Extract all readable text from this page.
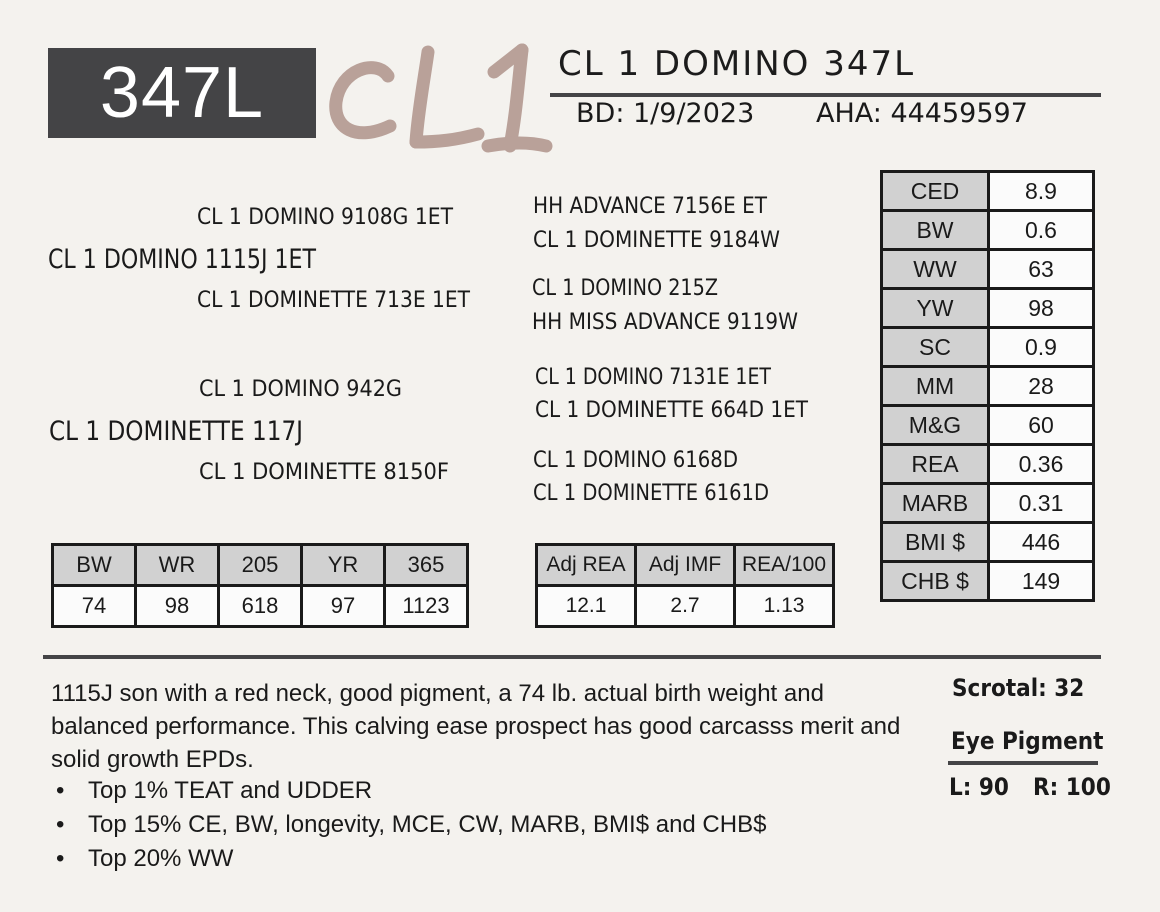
347L	CL 1 DOMINO 347L
BD: 1/9/2023 AHA: 44459597
CL 1 DOMINO 9108G 1ET
CL 1 DOMINO 1115J 1ET
CL 1 DOMINETTE 713E 1ET
CL 1 DOMINO 942G
CL 1 DOMINETTE 117J
CL 1 DOMINETTE 8150F
HH ADVANCE 7156E ET
CL 1 DOMINETTE 9184W
CL 1 DOMINO 215Z
HH MISS ADVANCE 9119W
CL 1 DOMINO 7131E 1ET
CL 1 DOMINETTE 664D 1ET
CL 1 DOMINO 6168D
CL 1 DOMINETTE 6161D
CED	8.9
BW	0.6
WW	63
YW	98
SC	0.9
MM	28
M&G	60
REA	0.36
MARB	0.31
BMI $	446
CHB $	149
BW	WR	205	YR	365
74	98	618	97	1123
Adj REA	Adj IMF	REA/100
12.1	2.7	1.13

1115J son with a red neck, good pigment, a 74 lb. actual birth weight and balanced performance. This calving ease prospect has good carcasss merit and solid growth EPDs.

• Top 1% TEAT and UDDER
• Top 15% CE, BW, longevity, MCE, CW, MARB, BMI$ and CHB$
• Top 20% WW
Scrotal: 32
Eye Pigment
L: 90 R: 100
